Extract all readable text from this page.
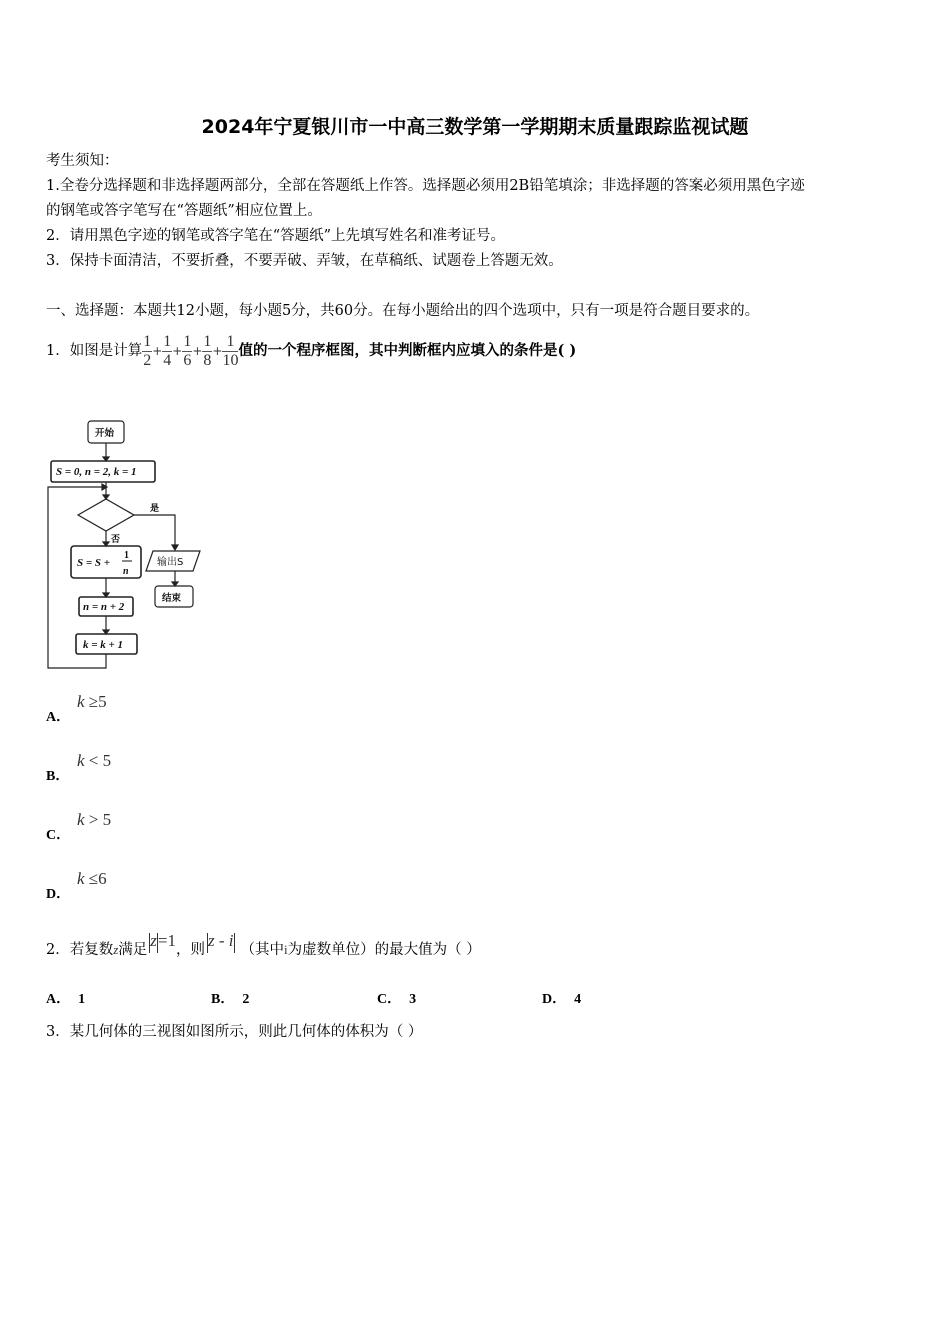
2024年宁夏银川市一中高三数学第一学期期末质量跟踪监视试题
考生须知：
1.全卷分选择题和非选择题两部分，全部在答题纸上作答。选择题必须用2B铅笔填涂；非选择题的答案必须用黑色字迹
的钢笔或答字笔写在“答题纸”相应位置上。
2．请用黑色字迹的钢笔或答字笔在“答题纸”上先填写姓名和准考证号。
3．保持卡面清洁，不要折叠，不要弄破、弄皱，在草稿纸、试题卷上答题无效。
一、选择题：本题共12小题，每小题5分，共60分。在每小题给出的四个选项中，只有一项是符合题目要求的。
1．如图是计算 $\frac{1}{2} + \frac{1}{4} + \frac{1}{6} + \frac{1}{8} + \frac{1}{10}$ 值的一个程序框图，其中判断框内应填入的条件是( )
开始
S = 0, n = 2, k = 1
是
否
S = S +
1
n
输出S
结束
n = n + 2
k = k + 1
A．
k ≥5
B．
k < 5
C．
k > 5
D．
k ≤6
2．若复数 z 满足 z=1 ，则 z - i （其中 i 为虚数单位）的最大值为（ ）
A． 1	B． 2	C． 3	D． 4
3．某几何体的三视图如图所示，则此几何体的体积为（ ）
